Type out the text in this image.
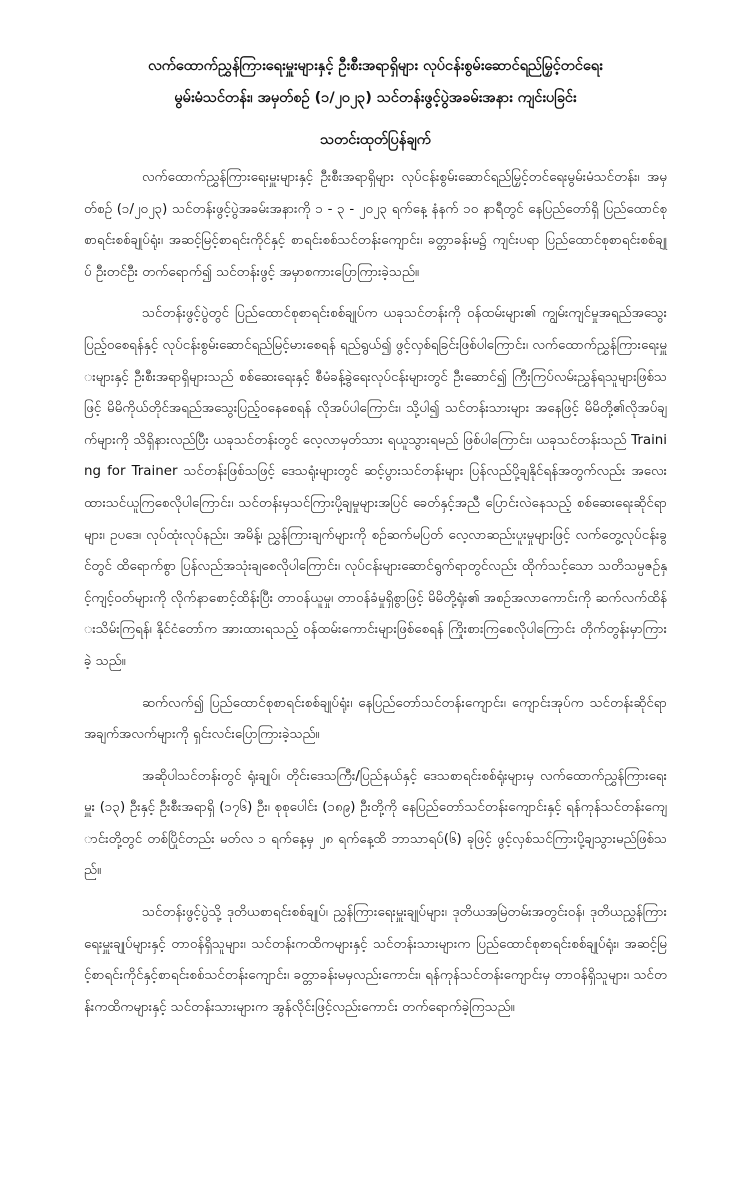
လက်ထောက်ညွှန်ကြားရေးမှူးများနှင့် ဦးစီးအရာရှိများ လုပ်ငန်းစွမ်းဆောင်ရည်မြှင့်တင်ရေး
မွမ်းမံသင်တန်း၊ အမှတ်စဉ် (၁/၂၀၂၃) သင်တန်းဖွင့်ပွဲအခမ်းအနား ကျင်းပခြင်း
သတင်းထုတ်ပြန်ချက်

လက်ထောက်ညွှန်ကြားရေးမှူးများနှင့် ဦးစီးအရာရှိများ လုပ်ငန်းစွမ်းဆောင်ရည်မြှင့်တင်ရေးမွမ်းမံသင်တန်း၊ အမှတ်စဉ် (၁/၂၀၂၃) သင်တန်းဖွင့်ပွဲအခမ်းအနားကို ၁ - ၃ - ၂၀၂၃ ရက်နေ့ နံနက် ၁၀ နာရီတွင် နေပြည်တော်ရှိ ပြည်ထောင်စုစာရင်းစစ်ချုပ်ရုံး၊ အဆင့်မြင့်စာရင်းကိုင်နှင့် စာရင်းစစ်သင်တန်းကျောင်း၊ ခတ္တာခန်းမ၌ ကျင်းပရာ ပြည်ထောင်စုစာရင်းစစ်ချုပ် ဦးတင်ဦး တက်ရောက်၍ သင်တန်းဖွင့် အမှာစကားပြောကြားခဲ့သည်။

သင်တန်းဖွင့်ပွဲတွင် ပြည်ထောင်စုစာရင်းစစ်ချုပ်က ယခုသင်တန်းကို ဝန်ထမ်းများ၏ ကျွမ်းကျင်မှုအရည်အသွေးပြည့်ဝစေရန်နှင့် လုပ်ငန်းစွမ်းဆောင်ရည်မြင့်မားစေရန် ရည်ရွယ်၍ ဖွင့်လှစ်ရခြင်းဖြစ်ပါကြောင်း၊ လက်ထောက်ညွှန်ကြားရေးမှူးများနှင့် ဦးစီးအရာရှိများသည် စစ်ဆေးရေးနှင့် စီမံခန့်ခွဲရေးလုပ်ငန်းများတွင် ဦးဆောင်၍ ကြီးကြပ်လမ်းညွှန်ရသူများဖြစ်သဖြင့် မိမိကိုယ်တိုင်အရည်အသွေးပြည့်ဝနေစေရန် လိုအပ်ပါကြောင်း၊ သို့ပါ၍ သင်တန်းသားများ အနေဖြင့် မိမိတို့၏လိုအပ်ချက်များကို သိရှိနားလည်ပြီး ယခုသင်တန်းတွင် လေ့လာမှတ်သား ရယူသွားရမည် ဖြစ်ပါကြောင်း၊ ယခုသင်တန်းသည် Training for Trainer သင်တန်းဖြစ်သဖြင့် ဒေသရုံးများတွင် ဆင့်ပွားသင်တန်းများ ပြန်လည်ပို့ချနိုင်ရန်အတွက်လည်း အလေးထားသင်ယူကြစေလိုပါကြောင်း၊ သင်တန်းမှသင်ကြားပို့ချမှုများအပြင် ခေတ်နှင့်အညီ ပြောင်းလဲနေသည့် စစ်ဆေးရေးဆိုင်ရာများ၊ ဥပဒေ၊ လုပ်ထုံးလုပ်နည်း၊ အမိန့်၊ ညွှန်ကြားချက်များကို စဉ်ဆက်မပြတ် လေ့လာဆည်းပူးမှုများဖြင့် လက်တွေ့လုပ်ငန်းခွင်တွင် ထိရောက်စွာ ပြန်လည်အသုံးချစေလိုပါကြောင်း၊ လုပ်ငန်းများဆောင်ရွက်ရာတွင်လည်း ထိုက်သင့်သော သတိသမ္ပဇဉ်နှင့်ကျင့်ဝတ်များကို လိုက်နာစောင့်ထိန်းပြီး တာဝန်ယူမှု၊ တာဝန်ခံမှုရှိစွာဖြင့် မိမိတို့ရုံး၏ အစဉ်အလာကောင်းကို ဆက်လက်ထိန်းသိမ်းကြရန်၊ နိုင်ငံတော်က အားထားရသည့် ဝန်ထမ်းကောင်းများဖြစ်စေရန် ကြိုးစားကြစေလိုပါကြောင်း တိုက်တွန်းမှာကြားခဲ့ သည်။

ဆက်လက်၍ ပြည်ထောင်စုစာရင်းစစ်ချုပ်ရုံး၊ နေပြည်တော်သင်တန်းကျောင်း၊ ကျောင်းအုပ်က သင်တန်းဆိုင်ရာအချက်အလက်များကို ရှင်းလင်းပြောကြားခဲ့သည်။

အဆိုပါသင်တန်းတွင် ရုံးချုပ်၊ တိုင်းဒေသကြီး/ပြည်နယ်နှင့် ဒေသစာရင်းစစ်ရုံးများမှ လက်ထောက်ညွှန်ကြားရေးမှူး (၁၃) ဦးနှင့် ဦးစီးအရာရှိ (၁၇၆) ဦး၊ စုစုပေါင်း (၁၈၉) ဦးတို့ကို နေပြည်တော်သင်တန်းကျောင်းနှင့် ရန်ကုန်သင်တန်းကျောင်းတို့တွင် တစ်ပြိုင်တည်း မတ်လ ၁ ရက်နေ့မှ ၂၈ ရက်နေ့ထိ ဘာသာရပ်(၆) ခုဖြင့် ဖွင့်လှစ်သင်ကြားပို့ချသွားမည်ဖြစ်သည်။

သင်တန်းဖွင့်ပွဲသို့ ဒုတိယစာရင်းစစ်ချုပ်၊ ညွှန်ကြားရေးမှူးချုပ်များ၊ ဒုတိယအမြဲတမ်းအတွင်းဝန်၊ ဒုတိယညွှန်ကြားရေးမှူးချုပ်များနှင့် တာဝန်ရှိသူများ၊ သင်တန်းကထိကများနှင့် သင်တန်းသားများက ပြည်ထောင်စုစာရင်းစစ်ချုပ်ရုံး၊ အဆင့်မြင့်စာရင်းကိုင်နှင့်စာရင်းစစ်သင်တန်းကျောင်း၊ ခတ္တာခန်းမမှလည်းကောင်း၊ ရန်ကုန်သင်တန်းကျောင်းမှ တာဝန်ရှိသူများ၊ သင်တန်းကထိကများနှင့် သင်တန်းသားများက အွန်လိုင်းဖြင့်လည်းကောင်း တက်ရောက်ခဲ့ကြသည်။
